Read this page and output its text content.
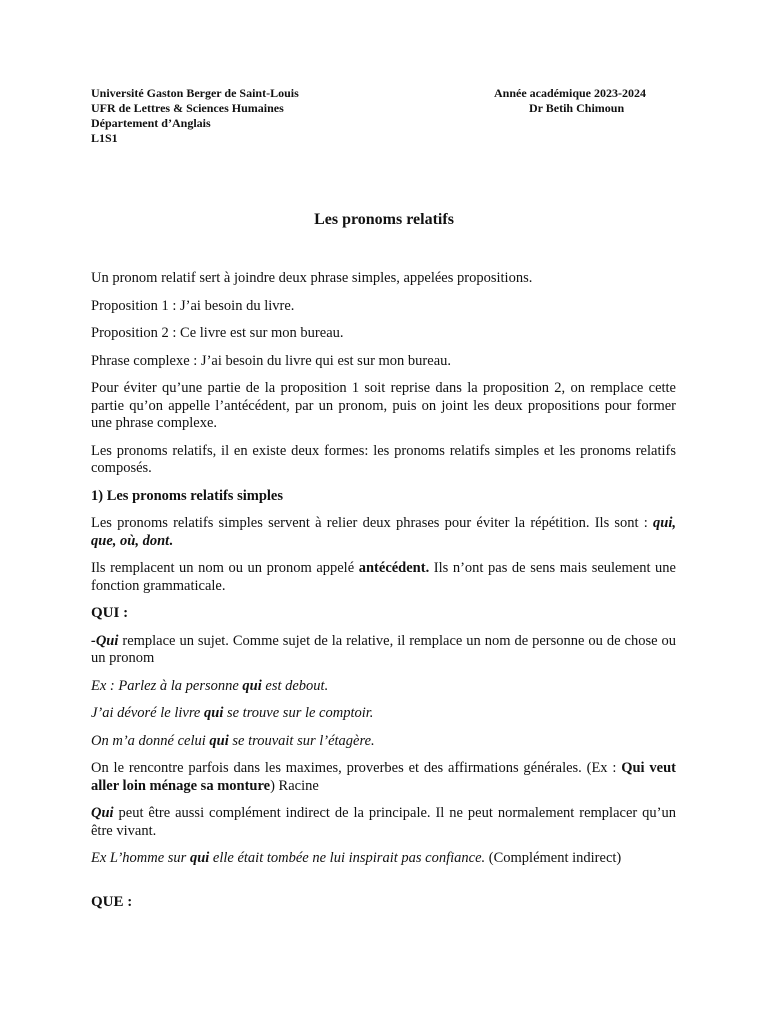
Université Gaston Berger de Saint-Louis
UFR de Lettres & Sciences Humaines
Département d’Anglais
L1S1
Année académique 2023-2024
Dr Betih Chimoun
Les pronoms relatifs

Un pronom relatif sert à joindre deux phrase simples, appelées propositions.

Proposition 1 : J’ai besoin du livre.

Proposition 2 : Ce livre est sur mon bureau.

Phrase complexe : J’ai besoin du livre qui est sur mon bureau.

Pour éviter qu’une partie de la proposition 1 soit reprise dans la proposition 2, on remplace cette partie qu’on appelle l’antécédent, par un pronom, puis on joint les deux propositions pour former une phrase complexe.

Les pronoms relatifs, il en existe deux formes: les pronoms relatifs simples et les pronoms relatifs composés.

1) Les pronoms relatifs simples

Les pronoms relatifs simples servent à relier deux phrases pour éviter la répétition. Ils sont : qui, que, où, dont.

Ils remplacent un nom ou un pronom appelé antécédent. Ils n’ont pas de sens mais seulement une fonction grammaticale.

QUI :

-Qui remplace un sujet. Comme sujet de la relative, il remplace un nom de personne ou de chose ou un pronom

Ex : Parlez à la personne qui est debout.

J’ai dévoré le livre qui se trouve sur le comptoir.

On m’a donné celui qui se trouvait sur l’étagère.

On le rencontre parfois dans les maximes, proverbes et des affirmations générales. (Ex : Qui veut aller loin ménage sa monture) Racine

Qui peut être aussi complément indirect de la principale. Il ne peut normalement remplacer qu’un être vivant.

Ex L’homme sur qui elle était tombée ne lui inspirait pas confiance. (Complément indirect)

QUE :
